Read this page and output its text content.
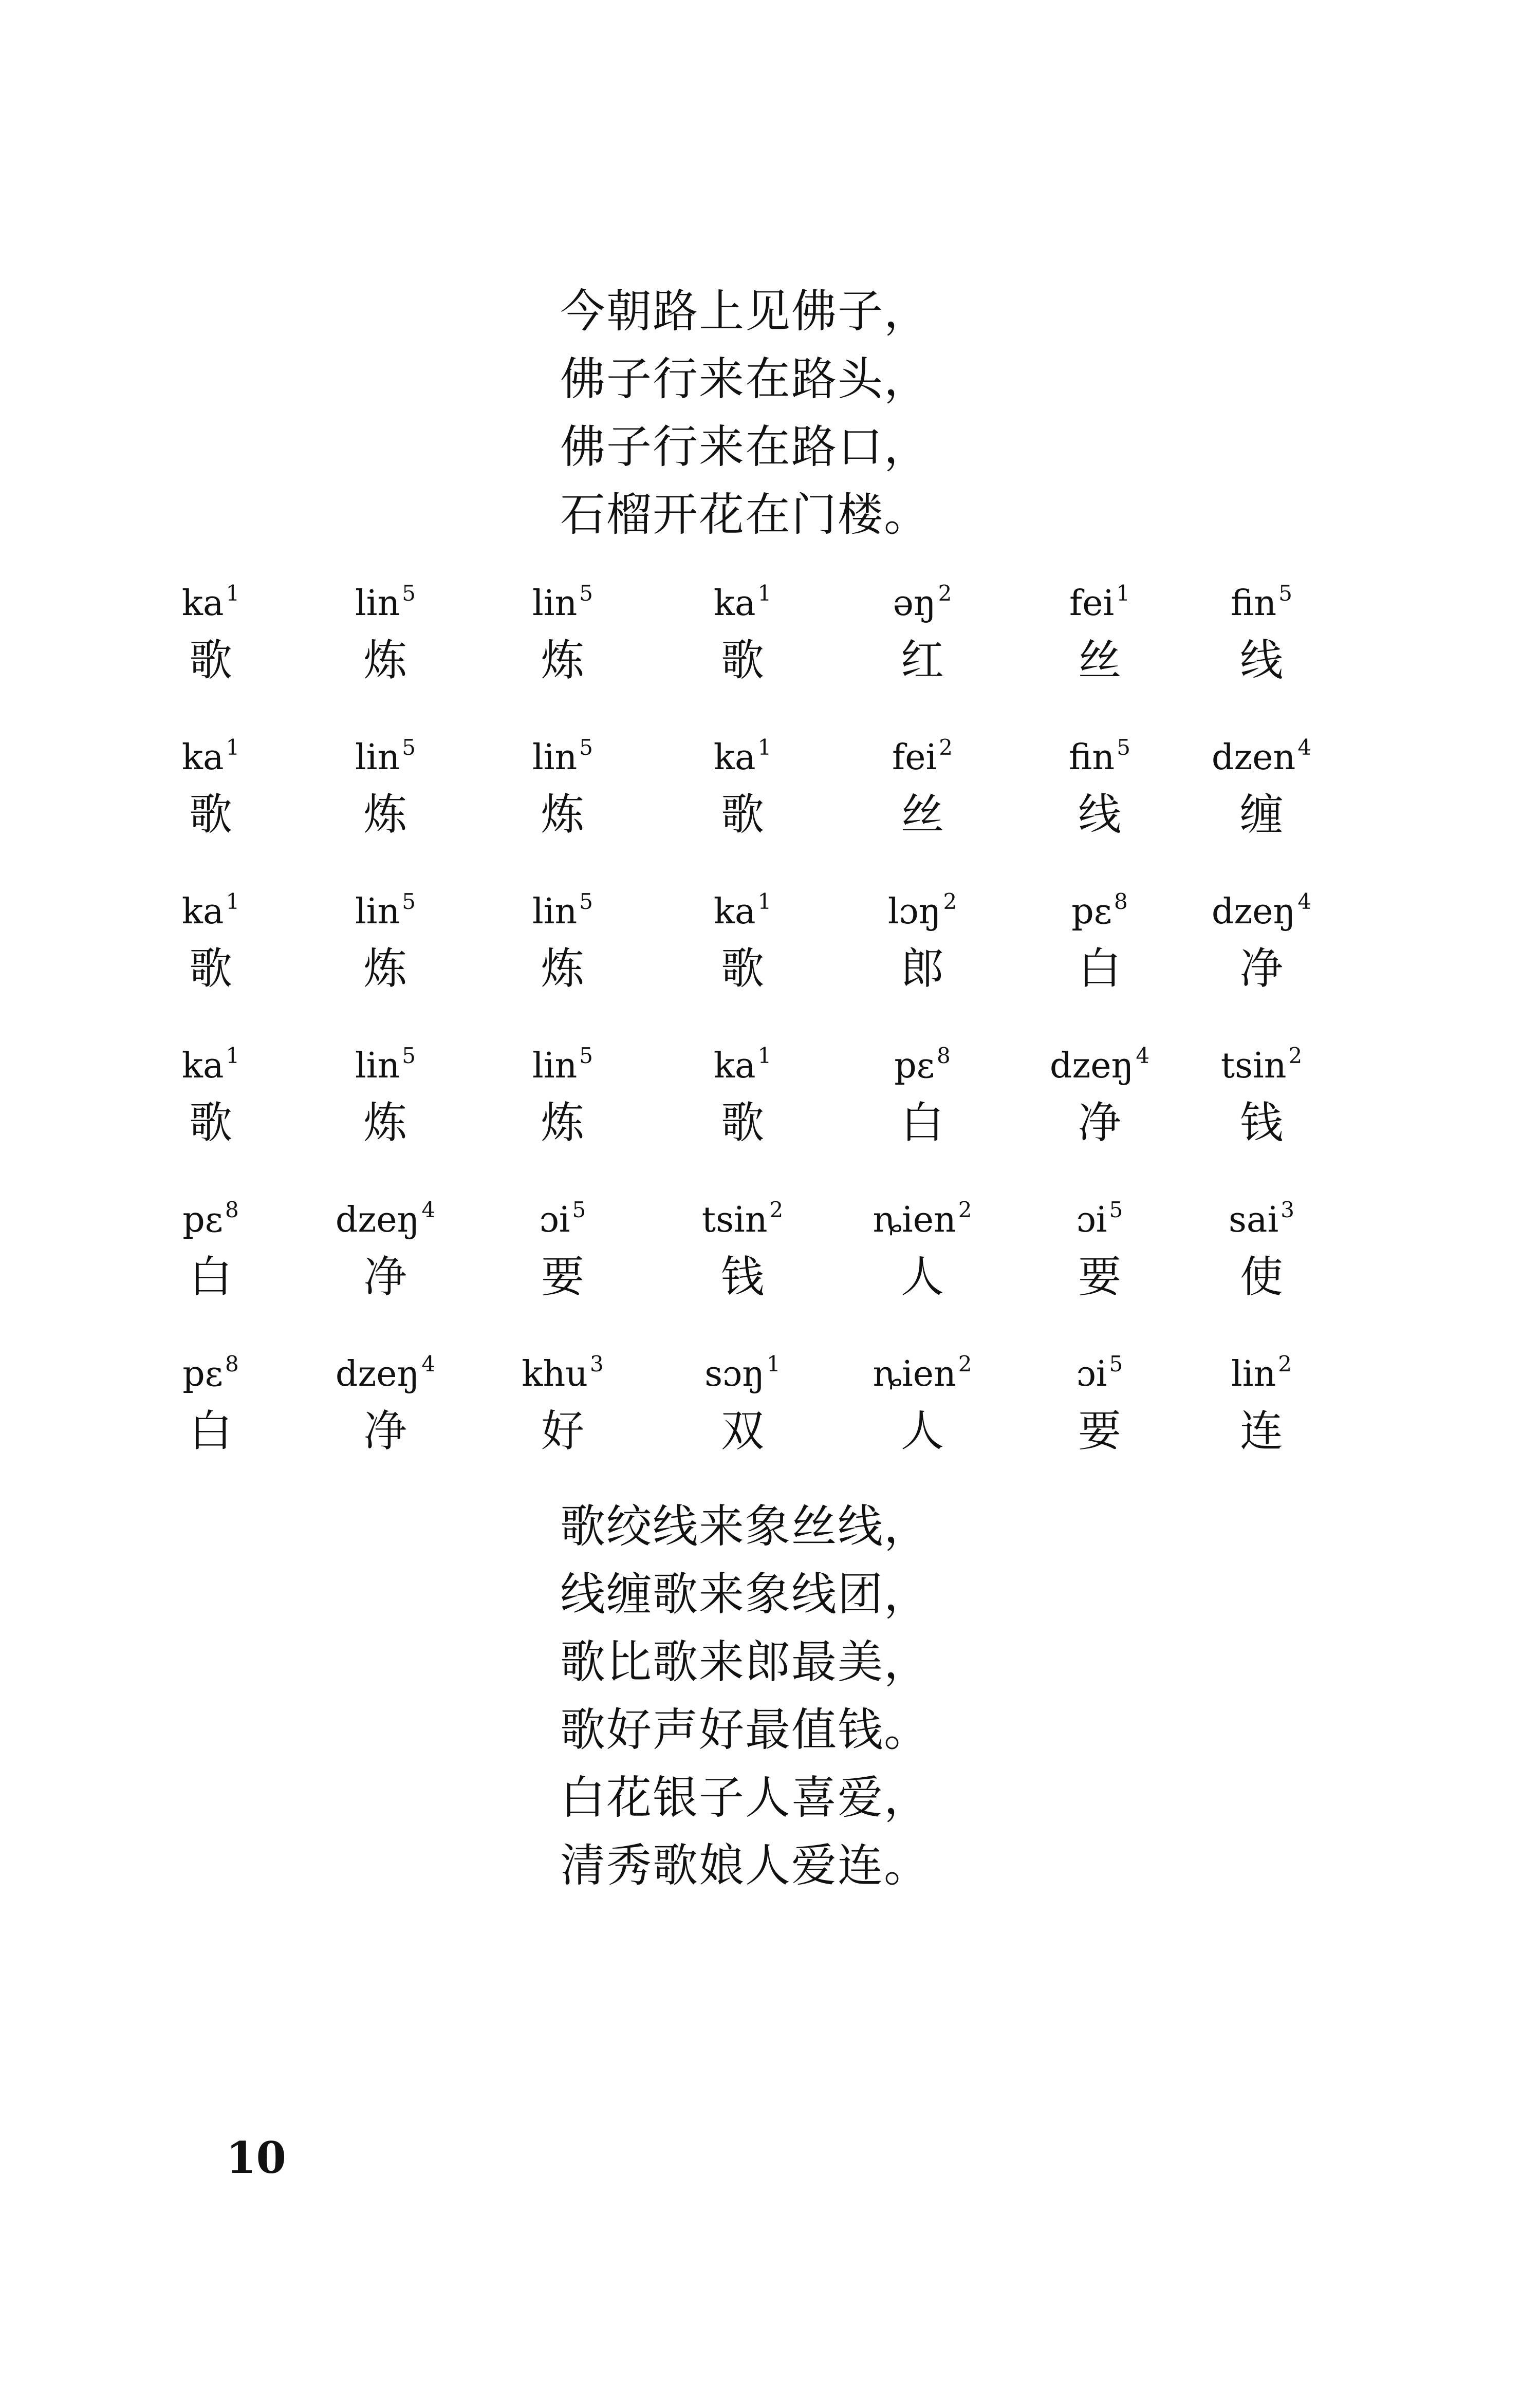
今朝路上见佛子，
佛子行来在路头，
佛子行来在路口，
石榴开花在门楼。
$ka^1$
歌
lin$^5$
炼
lin$^5$
炼
$ka^1$
歌
əŋ$^2$
红
fei$^1$
丝
fin$^5$
线
$ka^1$
歌
lin$^5$
炼
lin$^5$
炼
$ka^1$
歌
fei$^2$
丝
fin$^5$
线
dzen$^4$
缠
$ka^1$
歌
lin$^5$
炼
lin$^5$
炼
$ka^1$
歌
lɔŋ$^2$
郎
pɛ$^8$
白
dzeŋ$^4$
净
$ka^1$
歌
lin$^5$
炼
lin$^5$
炼
$ka^1$
歌
pɛ$^8$
白
dzeŋ$^4$
净
tsin$^2$
钱
pɛ$^8$
白
dzeŋ$^4$
净
ɔi$^5$
要
tsin$^2$
钱
ȵien$^2$
人
ɔi$^5$
要
sai$^3$
使
pɛ$^8$
白
dzeŋ$^4$
净
khu$^3$
好
sɔŋ$^1$
双
ȵien$^2$
人
ɔi$^5$
要
lin$^2$
连
歌绞线来象丝线，
线缠歌来象线团，
歌比歌来郎最美，
歌好声好最值钱。
白花银子人喜爱，
清秀歌娘人爱连。
10
